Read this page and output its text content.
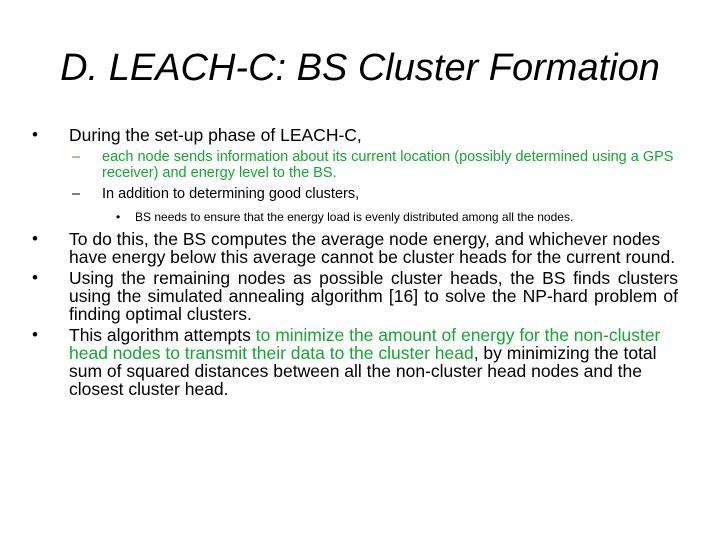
D. LEACH-C: BS Cluster Formation
• During the set-up phase of LEACH-C,
– each node sends information about its current location (possibly determined using a GPS receiver) and energy level to the BS.
– In addition to determining good clusters,
• BS needs to ensure that the energy load is evenly distributed among all the nodes.
• To do this, the BS computes the average node energy, and whichever nodes have energy below this average cannot be cluster heads for the current round.
• Using the remaining nodes as possible cluster heads, the BS finds clusters using the simulated annealing algorithm [16] to solve the NP-hard problem of finding optimal clusters.
• This algorithm attempts to minimize the amount of energy for the non-cluster head nodes to transmit their data to the cluster head, by minimizing the total sum of squared distances between all the non-cluster head nodes and the closest cluster head.
